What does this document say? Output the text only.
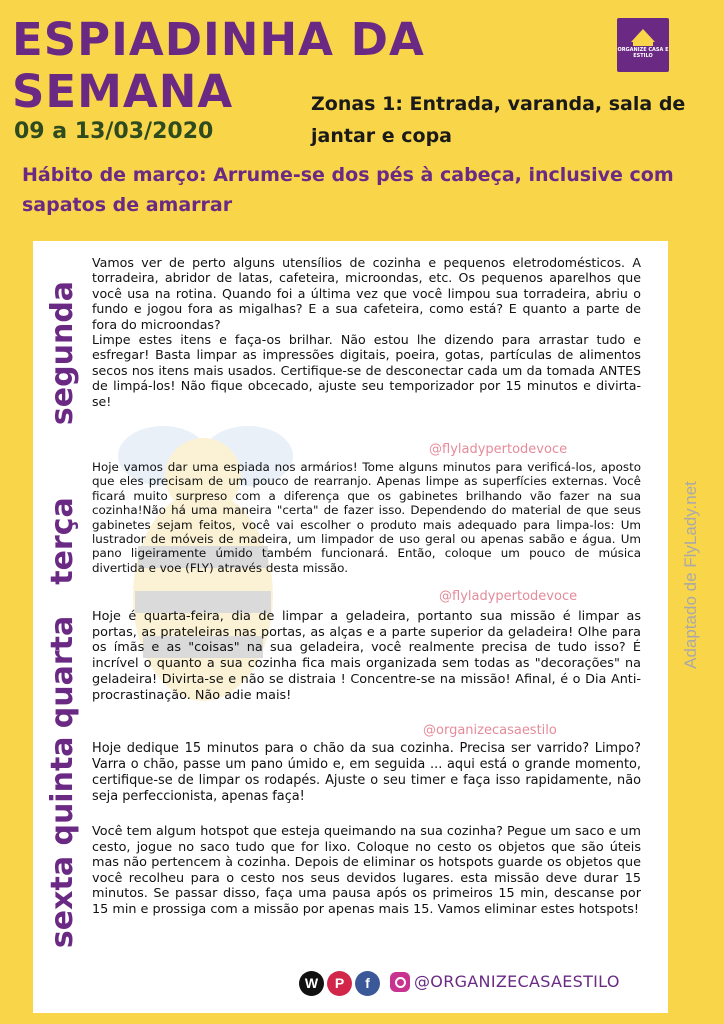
ESPIADINHA DA
SEMANA

09 a 13/03/2020

Zonas 1: Entrada, varanda, sala de jantar e copa

Hábito de março: Arrume-se dos pés à cabeça, inclusive com sapatos de amarrar

ORGANIZE CASA E ESTILO
segunda

Vamos ver de perto alguns utensílios de cozinha e pequenos eletrodomésticos. A torradeira, abridor de latas, cafeteira, microondas, etc. Os pequenos aparelhos que você usa na rotina. Quando foi a última vez que você limpou sua torradeira, abriu o fundo e jogou fora as migalhas? E a sua cafeteira, como está? E quanto a parte de fora do microondas?
Limpe estes itens e faça-os brilhar. Não estou lhe dizendo para arrastar tudo e esfregar! Basta limpar as impressões digitais, poeira, gotas, partículas de alimentos secos nos itens mais usados. Certifique-se de desconectar cada um da tomada ANTES de limpá-los! Não fique obcecado, ajuste seu temporizador por 15 minutos e divirta-se!

@flyladypertodevoce
terça

Hoje vamos dar uma espiada nos armários! Tome alguns minutos para verificá-los, aposto que eles precisam de um pouco de rearranjo. Apenas limpe as superfícies externas. Você ficará muito surpreso com a diferença que os gabinetes brilhando vão fazer na sua cozinha!Não há uma maneira "certa" de fazer isso. Dependendo do material de que seus gabinetes sejam feitos, você vai escolher o produto mais adequado para limpa-los: Um lustrador de móveis de madeira, um limpador de uso geral ou apenas sabão e água. Um pano ligeiramente úmido também funcionará. Então, coloque um pouco de música divertida e voe (FLY) através desta missão.

@flyladypertodevoce
quarta Hoje é quarta-feira, dia de limpar a geladeira, portanto sua missão é limpar as portas, as prateleiras nas portas, as alças e a parte superior da geladeira! Olhe para os ímãs e as "coisas" na sua geladeira, você realmente precisa de tudo isso? É incrível o quanto a sua cozinha fica mais organizada sem todas as "decorações" na geladeira! Divirta-se e não se distraia ! Concentre-se na missão! Afinal, é o Dia Anti-procrastinação. Não adie mais!

@organizecasaestilo
quinta Hoje dedique 15 minutos para o chão da sua cozinha. Precisa ser varrido? Limpo? Varra o chão, passe um pano úmido e, em seguida ... aqui está o grande momento, certifique-se de limpar os rodapés. Ajuste o seu timer e faça isso rapidamente, não seja perfeccionista, apenas faça!

sexta

Você tem algum hotspot que esteja queimando na sua cozinha? Pegue um saco e um cesto, jogue no saco tudo que for lixo. Coloque no cesto os objetos que são úteis mas não pertencem à cozinha. Depois de eliminar os hotspots guarde os objetos que você recolheu para o cesto nos seus devidos lugares. esta missão deve durar 15 minutos. Se passar disso, faça uma pausa após os primeiros 15 min, descanse por 15 min e prossiga com a missão por apenas mais 15. Vamos eliminar estes hotspots!

Adaptado de FlyLady.net
W	P	f	@ORGANIZECASAESTILO
